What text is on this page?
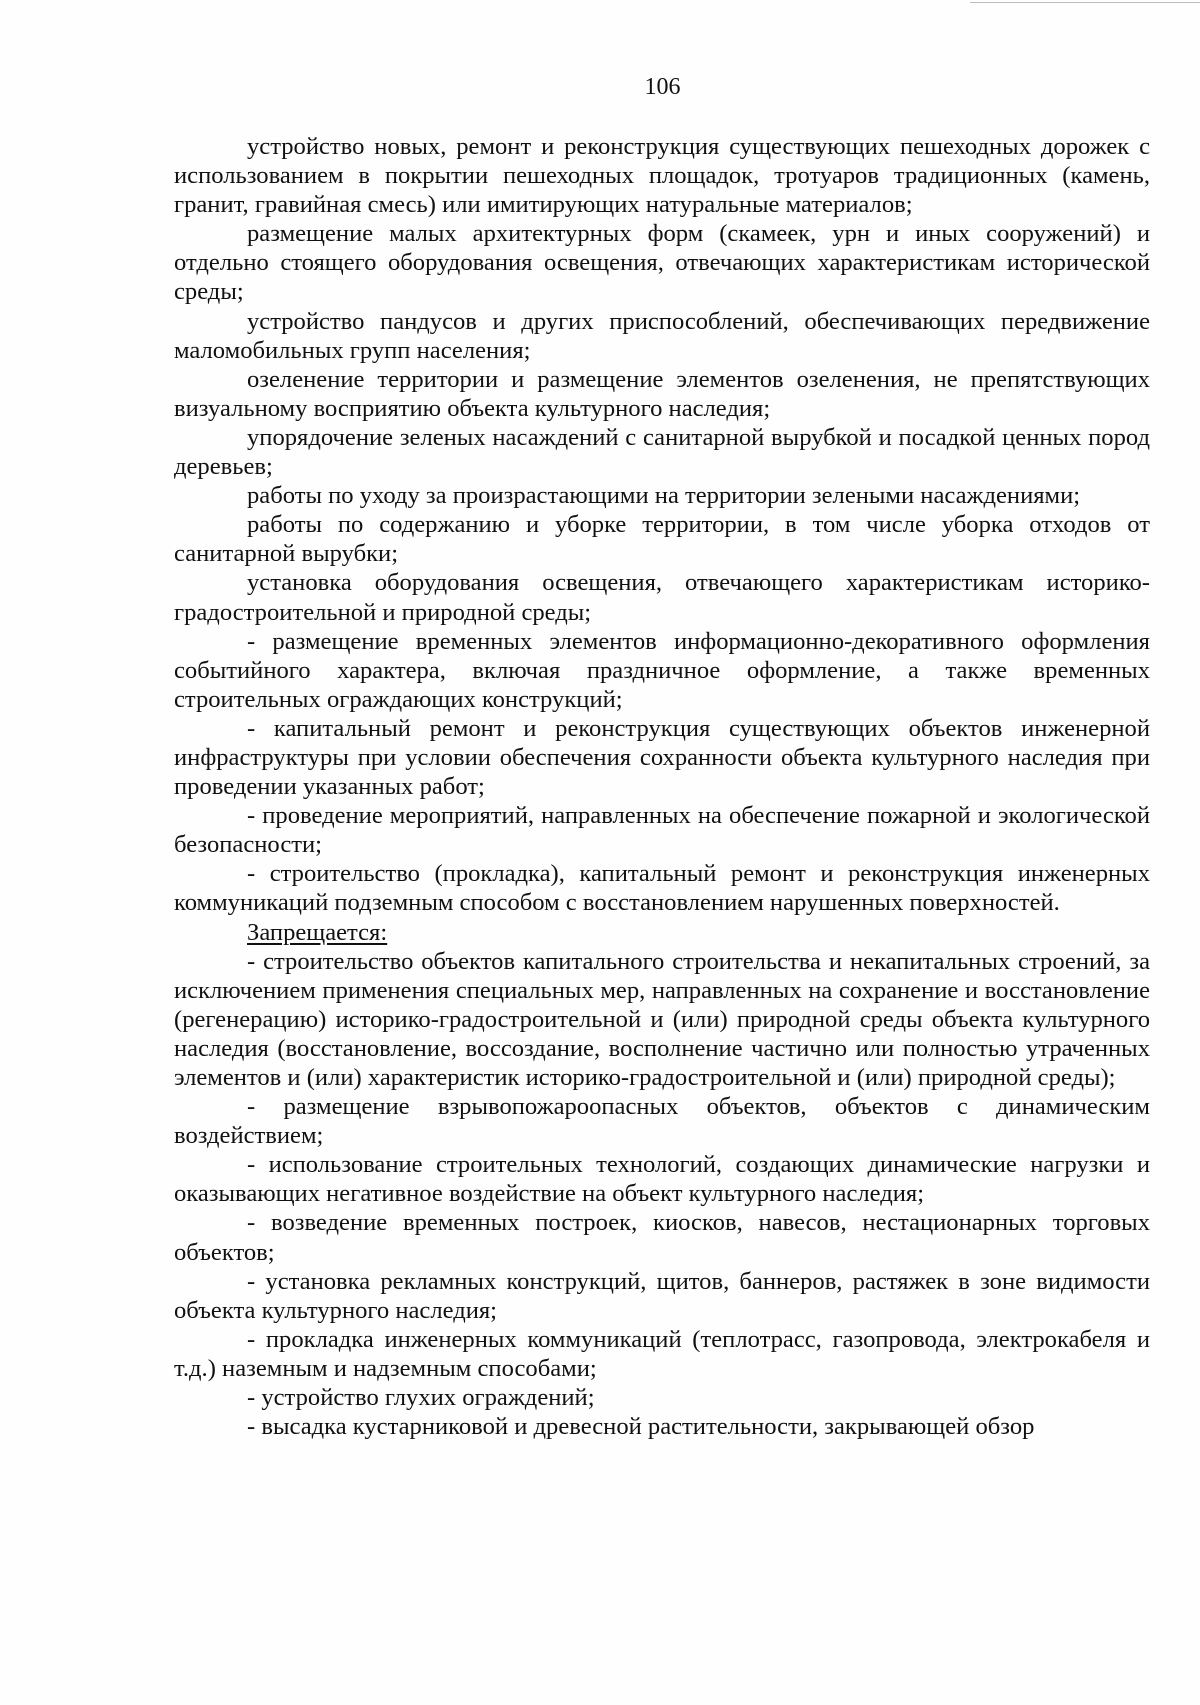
106

устройство новых, ремонт и реконструкция существующих пешеходных дорожек с использованием в покрытии пешеходных площадок, тротуаров традиционных (камень, гранит, гравийная смесь) или имитирующих натуральные материалов;

размещение малых архитектурных форм (скамеек, урн и иных сооружений) и отдельно стоящего оборудования освещения, отвечающих характеристикам исторической среды;

устройство пандусов и других приспособлений, обеспечивающих передвижение маломобильных групп населения;

озеленение территории и размещение элементов озеленения, не препятствующих визуальному восприятию объекта культурного наследия;

упорядочение зеленых насаждений с санитарной вырубкой и посадкой ценных пород деревьев;

работы по уходу за произрастающими на территории зелеными насаждениями;

работы по содержанию и уборке территории, в том числе уборка отходов от санитарной вырубки;

установка оборудования освещения, отвечающего характеристикам историко-градостроительной и природной среды;

- размещение временных элементов информационно-декоративного оформления событийного характера, включая праздничное оформление, а также временных строительных ограждающих конструкций;

- капитальный ремонт и реконструкция существующих объектов инженерной инфраструктуры при условии обеспечения сохранности объекта культурного наследия при проведении указанных работ;

- проведение мероприятий, направленных на обеспечение пожарной и экологической безопасности;

- строительство (прокладка), капитальный ремонт и реконструкция инженерных коммуникаций подземным способом с восстановлением нарушенных поверхностей.

Запрещается:

- строительство объектов капитального строительства и некапитальных строений, за исключением применения специальных мер, направленных на сохранение и восстановление (регенерацию) историко-градостроительной и (или) природной среды объекта культурного наследия (восстановление, воссоздание, восполнение частично или полностью утраченных элементов и (или) характеристик историко-градостроительной и (или) природной среды);

- размещение взрывопожароопасных объектов, объектов с динамическим воздействием;

- использование строительных технологий, создающих динамические нагрузки и оказывающих негативное воздействие на объект культурного наследия;

- возведение временных построек, киосков, навесов, нестационарных торговых объектов;

- установка рекламных конструкций, щитов, баннеров, растяжек в зоне видимости объекта культурного наследия;

- прокладка инженерных коммуникаций (теплотрасс, газопровода, электрокабеля и т.д.) наземным и надземным способами;

- устройство глухих ограждений;

- высадка кустарниковой и древесной растительности, закрывающей обзор
